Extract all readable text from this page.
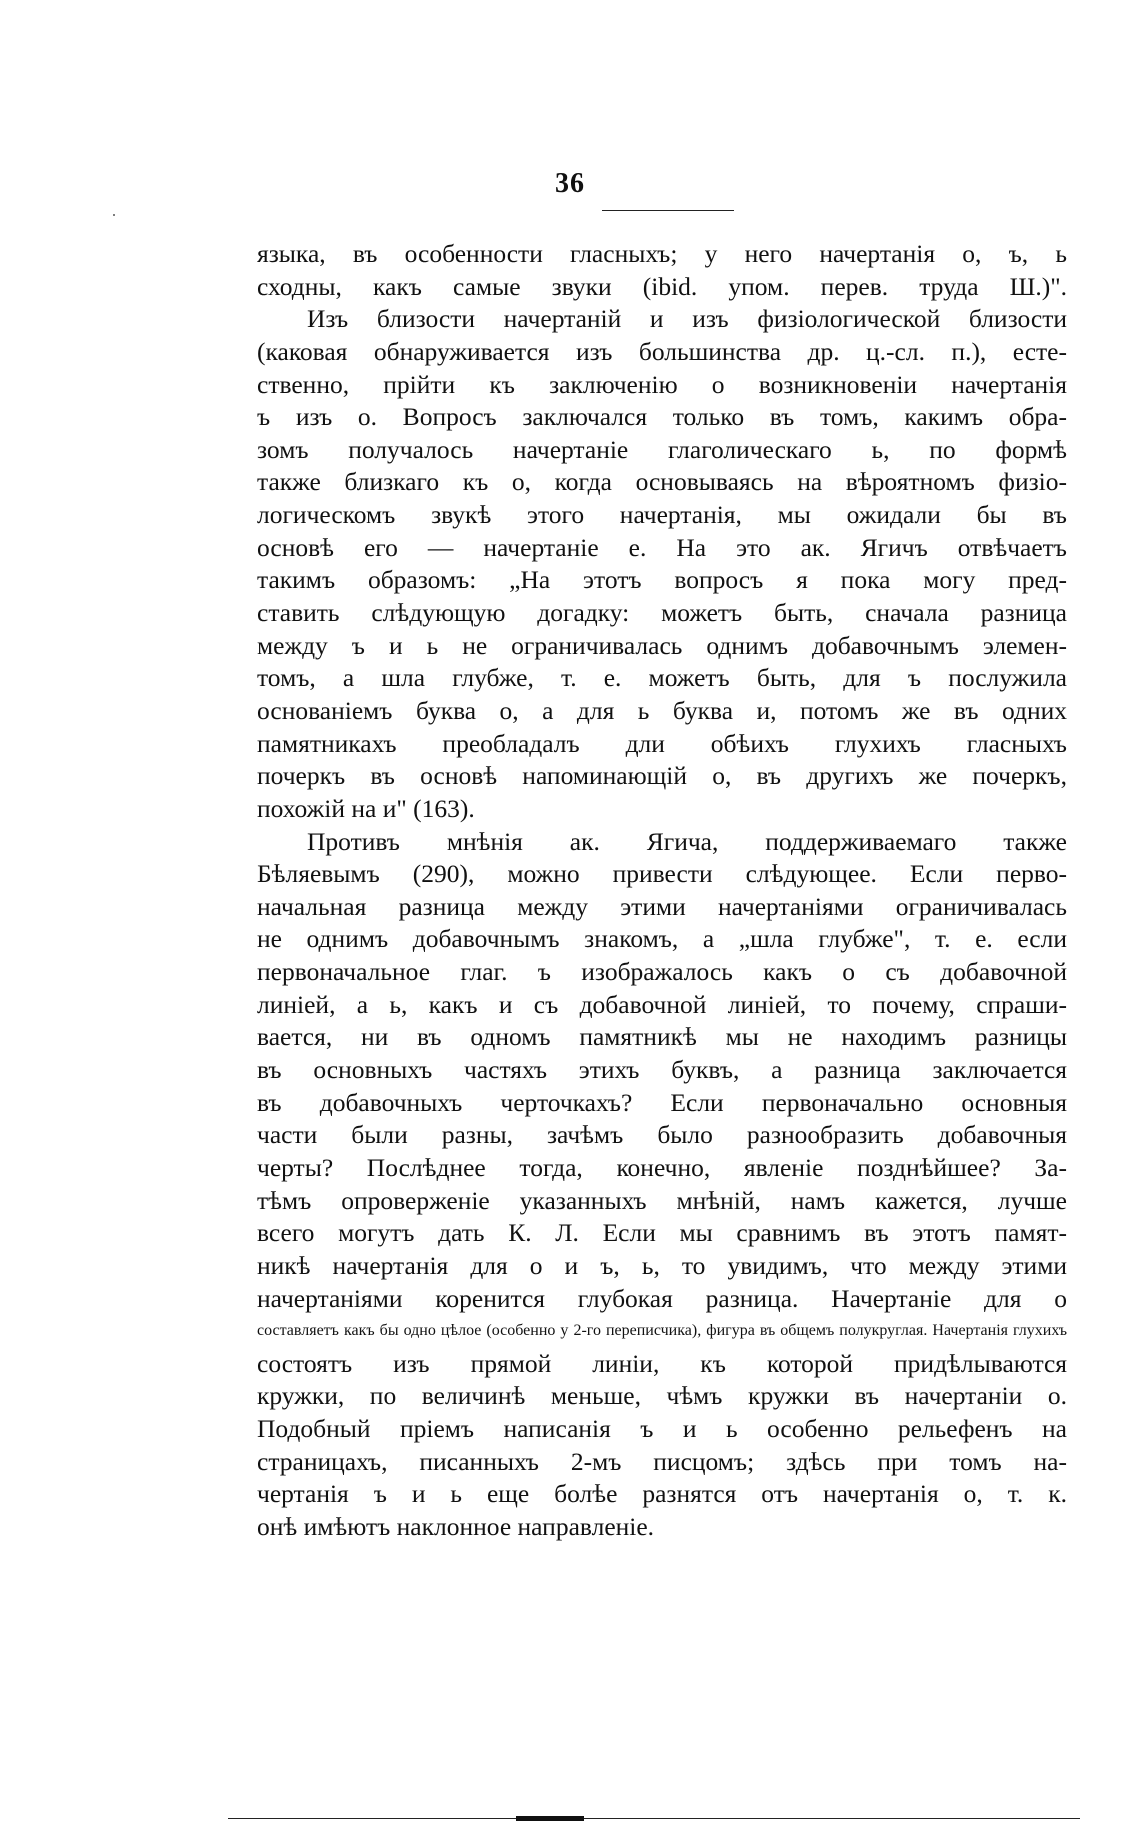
36
языка, въ особенности гласныхъ; у него начертанія о, ъ, ь
сходны, какъ самые звуки (ibid. упом. перев. труда Ш.)".
Изъ близости начертаній и изъ физіологической близости
(каковая обнаруживается изъ большинства др. ц.-сл. п.), есте-
ственно, прійти къ заключенію о возникновеніи начертанія
ъ изъ о. Вопросъ заключался только въ томъ, какимъ обра-
зомъ получалось начертаніе глаголическаго ь, по формѣ
также близкаго къ о, когда основываясь на вѣроятномъ физіо-
логическомъ звукѣ этого начертанія, мы ожидали бы въ
основѣ его — начертаніе е. На это ак. Ягичъ отвѣчаетъ
такимъ образомъ: „На этотъ вопросъ я пока могу пред-
ставить слѣдующую догадку: можетъ быть, сначала разница
между ъ и ь не ограничивалась однимъ добавочнымъ элемен-
томъ, а шла глубже, т. е. можетъ быть, для ъ послужила
основаніемъ буква о, а для ь буква и, потомъ же въ одних
памятникахъ преобладалъ дли обѣихъ глухихъ гласныхъ
почеркъ въ основѣ напоминающій о, въ другихъ же почеркъ,
похожій на и" (163).
Противъ мнѣнія ак. Ягича, поддерживаемаго также
Бѣляевымъ (290), можно привести слѣдующее. Если перво-
начальная разница между этими начертаніями ограничивалась
не однимъ добавочнымъ знакомъ, а „шла глубже", т. е. если
первоначальное глаг. ъ изображалось какъ о съ добавочной
линіей, а ь, какъ и съ добавочной линіей, то почему, спраши-
вается, ни въ одномъ памятникѣ мы не находимъ разницы
въ основныхъ частяхъ этихъ буквъ, а разница заключается
въ добавочныхъ черточкахъ? Если первоначально основныя
части были разны, зачѣмъ было разнообразить добавочныя
черты? Послѣднее тогда, конечно, явленіе позднѣйшее? За-
тѣмъ опроверженіе указанныхъ мнѣній, намъ кажется, лучше
всего могутъ дать К. Л. Если мы сравнимъ въ этотъ памят-
никѣ начертанія для о и ъ, ь, то увидимъ, что между этими
начертаніями коренится глубокая разница. Начертаніе для о
составляетъ какъ бы одно цѣлое (особенно у 2-го переписчика), фигура въ общемъ полукруглая. Начертанія глухихъ
состоятъ изъ прямой линіи, къ которой придѣлываются
кружки, по величинѣ меньше, чѣмъ кружки въ начертаніи о.
Подобный пріемъ написанія ъ и ь особенно рельефенъ на
страницахъ, писанныхъ 2-мъ писцомъ; здѣсь при томъ на-
чертанія ъ и ь еще болѣе разнятся отъ начертанія о, т. к.
онѣ имѣютъ наклонное направленіе.
